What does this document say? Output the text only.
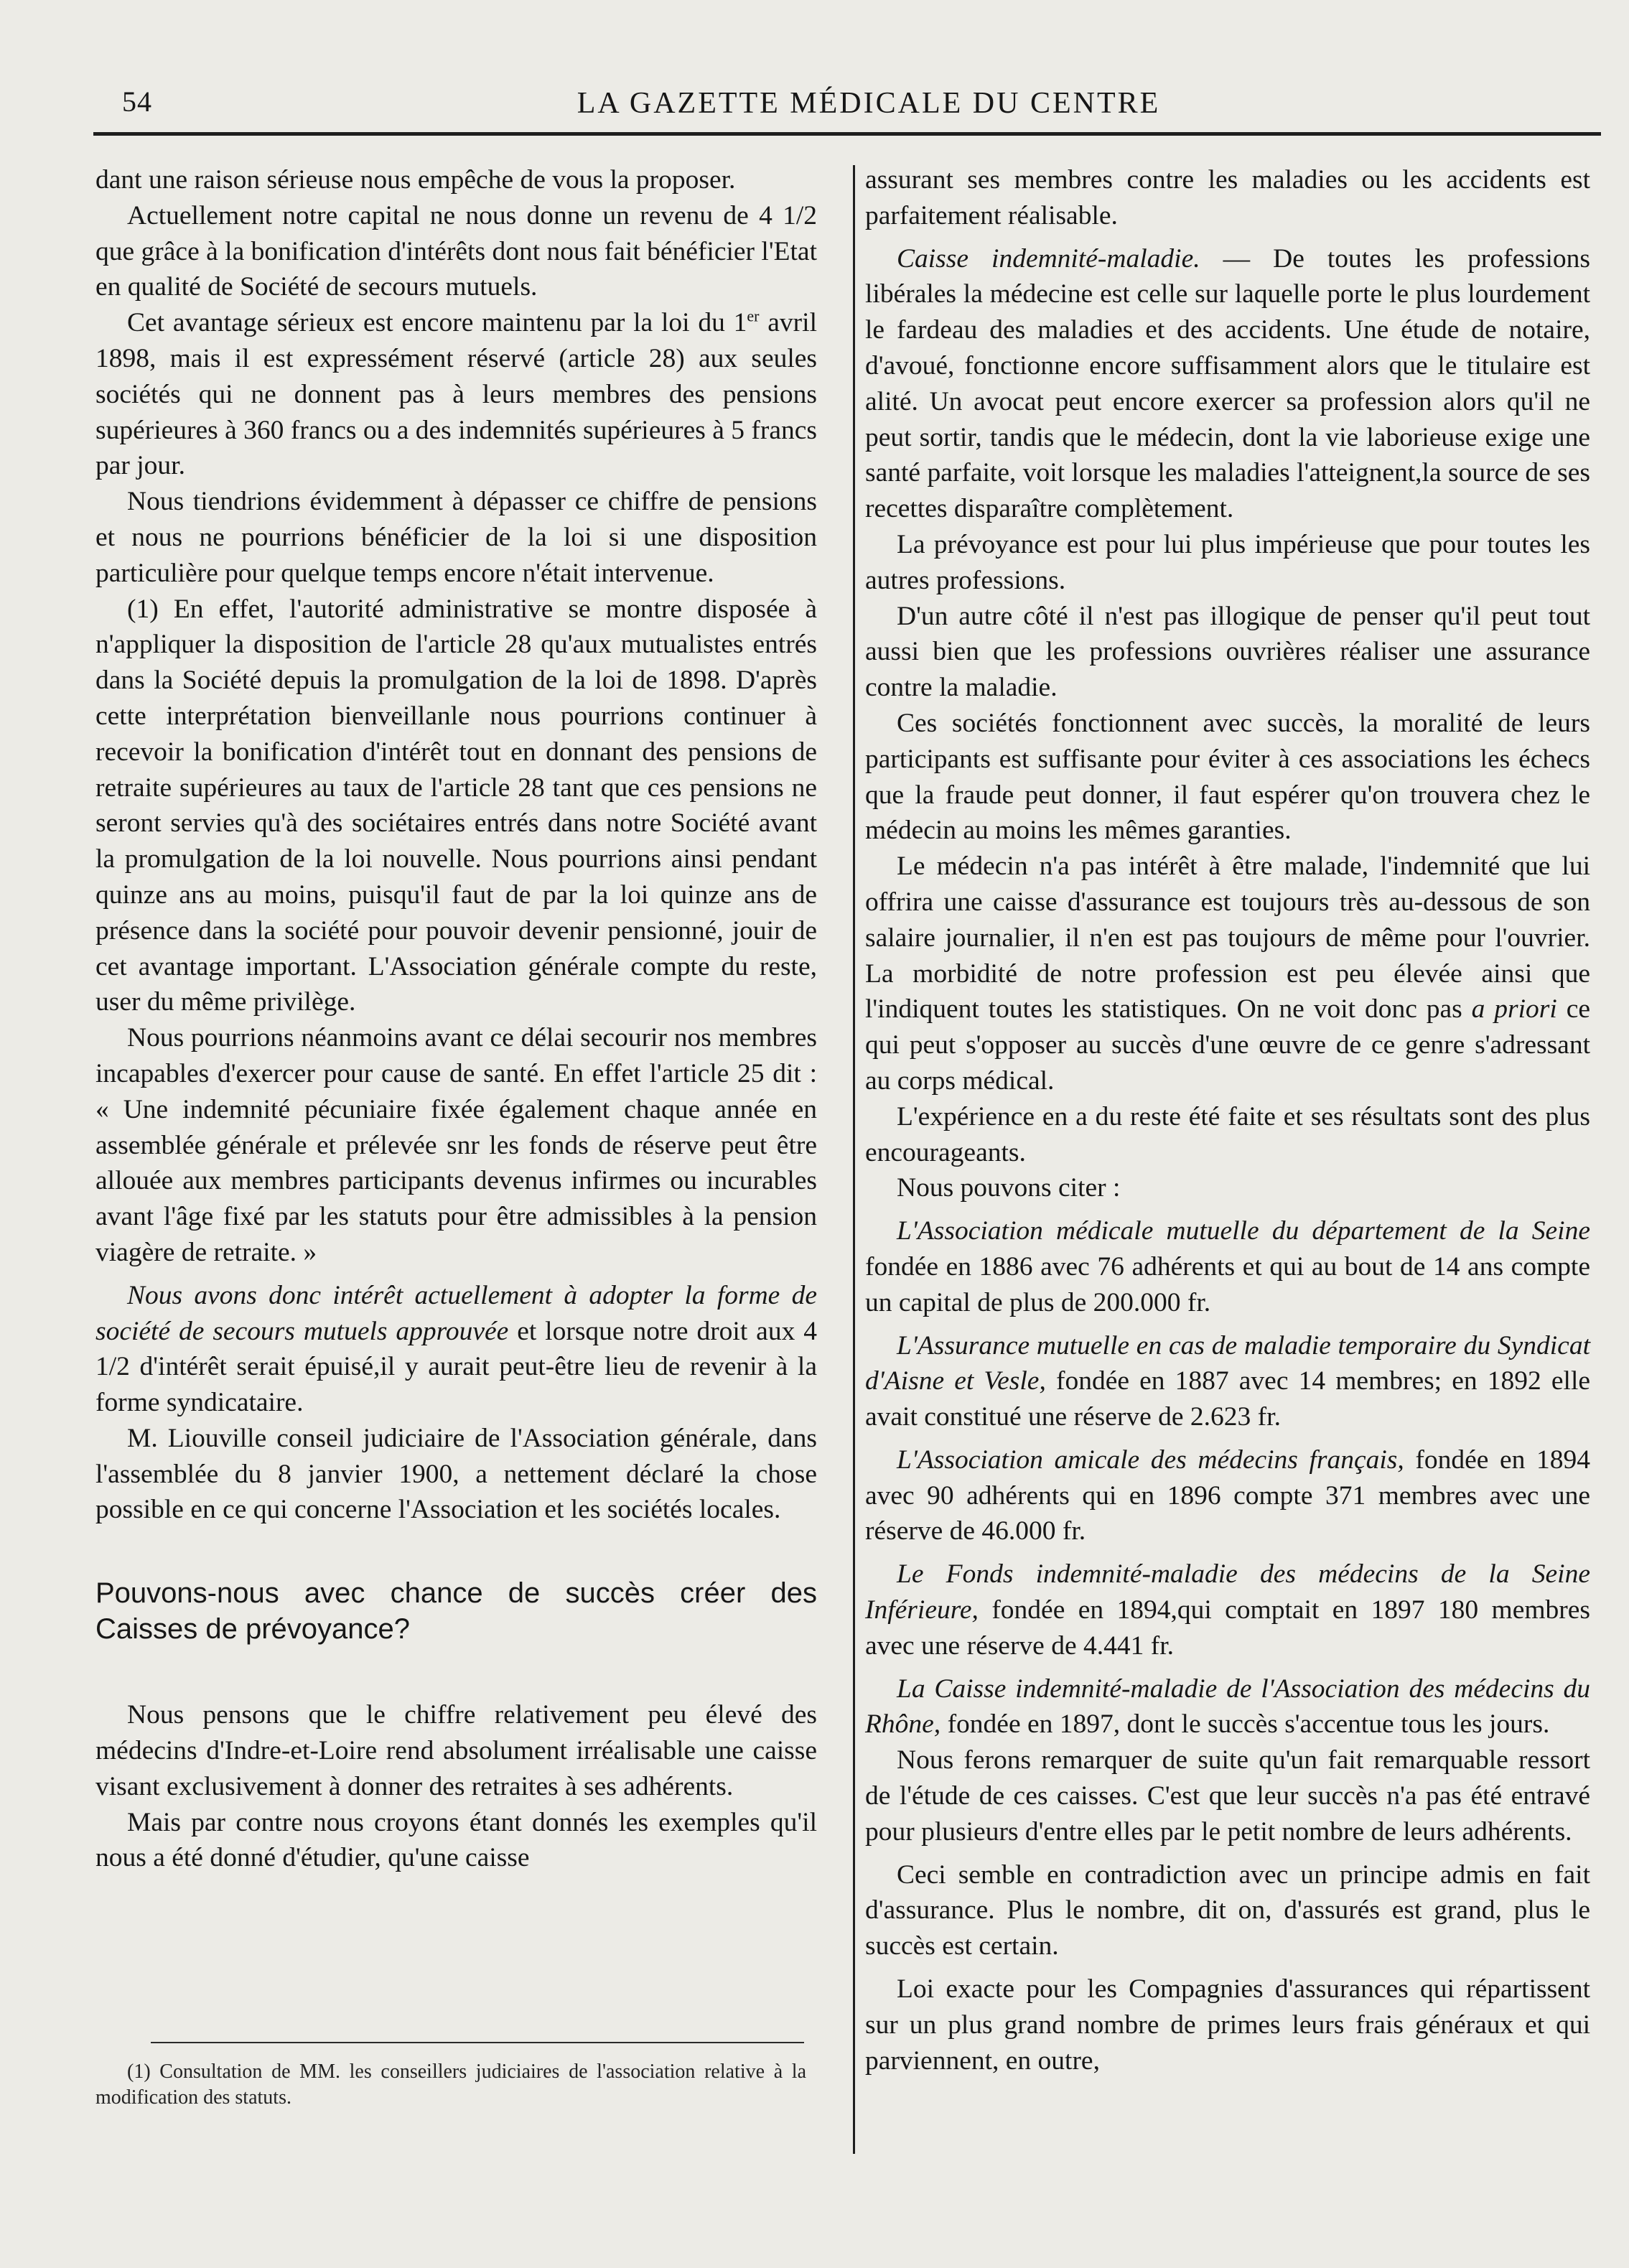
54	LA GAZETTE MÉDICALE DU CENTRE

dant une raison sérieuse nous empêche de vous la proposer.

Actuellement notre capital ne nous donne un revenu de 4 1/2 que grâce à la bonification d'intérêts dont nous fait bénéficier l'Etat en qualité de Société de secours mutuels.

Cet avantage sérieux est encore maintenu par la loi du 1er avril 1898, mais il est expressément réservé (article 28) aux seules sociétés qui ne donnent pas à leurs membres des pensions supérieures à 360 francs ou a des indemnités supérieures à 5 francs par jour.

Nous tiendrions évidemment à dépasser ce chiffre de pensions et nous ne pourrions bénéficier de la loi si une disposition particulière pour quelque temps encore n'était intervenue.

(1) En effet, l'autorité administrative se montre disposée à n'appliquer la disposition de l'article 28 qu'aux mutualistes entrés dans la Société depuis la promulgation de la loi de 1898. D'après cette interprétation bienveillanle nous pourrions continuer à recevoir la bonification d'intérêt tout en donnant des pensions de retraite supérieures au taux de l'article 28 tant que ces pensions ne seront servies qu'à des sociétaires entrés dans notre Société avant la promulgation de la loi nouvelle. Nous pourrions ainsi pendant quinze ans au moins, puisqu'il faut de par la loi quinze ans de présence dans la société pour pouvoir devenir pensionné, jouir de cet avantage important. L'Association générale compte du reste, user du même privilège.

Nous pourrions néanmoins avant ce délai secourir nos membres incapables d'exercer pour cause de santé. En effet l'article 25 dit : « Une indemnité pécuniaire fixée également chaque année en assemblée générale et prélevée snr les fonds de réserve peut être allouée aux membres participants devenus infirmes ou incurables avant l'âge fixé par les statuts pour être admissibles à la pension viagère de retraite. »

Nous avons donc intérêt actuellement à adopter la forme de société de secours mutuels approuvée et lorsque notre droit aux 4 1/2 d'intérêt serait épuisé,il y aurait peut-être lieu de revenir à la forme syndicataire.

M. Liouville conseil judiciaire de l'Association générale, dans l'assemblée du 8 janvier 1900, a nettement déclaré la chose possible en ce qui concerne l'Association et les sociétés locales.

Pouvons-nous avec chance de succès créer des Caisses de prévoyance?

Nous pensons que le chiffre relativement peu élevé des médecins d'Indre-et-Loire rend absolument irréalisable une caisse visant exclusivement à donner des retraites à ses adhérents.

Mais par contre nous croyons étant donnés les exemples qu'il nous a été donné d'étudier, qu'une caisse

(1) Consultation de MM. les conseillers judiciaires de l'association relative à la modification des statuts.

assurant ses membres contre les maladies ou les accidents est parfaitement réalisable.

Caisse indemnité-maladie. — De toutes les professions libérales la médecine est celle sur laquelle porte le plus lourdement le fardeau des maladies et des accidents. Une étude de notaire, d'avoué, fonctionne encore suffisamment alors que le titulaire est alité. Un avocat peut encore exercer sa profession alors qu'il ne peut sortir, tandis que le médecin, dont la vie laborieuse exige une santé parfaite, voit lorsque les maladies l'atteignent,la source de ses recettes disparaître complètement.

La prévoyance est pour lui plus impérieuse que pour toutes les autres professions.

D'un autre côté il n'est pas illogique de penser qu'il peut tout aussi bien que les professions ouvrières réaliser une assurance contre la maladie.

Ces sociétés fonctionnent avec succès, la moralité de leurs participants est suffisante pour éviter à ces associations les échecs que la fraude peut donner, il faut espérer qu'on trouvera chez le médecin au moins les mêmes garanties.

Le médecin n'a pas intérêt à être malade, l'indemnité que lui offrira une caisse d'assurance est toujours très au-dessous de son salaire journalier, il n'en est pas toujours de même pour l'ouvrier. La morbidité de notre profession est peu élevée ainsi que l'indiquent toutes les statistiques. On ne voit donc pas a priori ce qui peut s'opposer au succès d'une œuvre de ce genre s'adressant au corps médical.

L'expérience en a du reste été faite et ses résultats sont des plus encourageants.

Nous pouvons citer :

L'Association médicale mutuelle du département de la Seine fondée en 1886 avec 76 adhérents et qui au bout de 14 ans compte un capital de plus de 200.000 fr.

L'Assurance mutuelle en cas de maladie temporaire du Syndicat d'Aisne et Vesle, fondée en 1887 avec 14 membres; en 1892 elle avait constitué une réserve de 2.623 fr.

L'Association amicale des médecins français, fondée en 1894 avec 90 adhérents qui en 1896 compte 371 membres avec une réserve de 46.000 fr.

Le Fonds indemnité-maladie des médecins de la Seine Inférieure, fondée en 1894,qui comptait en 1897 180 membres avec une réserve de 4.441 fr.

La Caisse indemnité-maladie de l'Association des médecins du Rhône, fondée en 1897, dont le succès s'accentue tous les jours.

Nous ferons remarquer de suite qu'un fait remarquable ressort de l'étude de ces caisses. C'est que leur succès n'a pas été entravé pour plusieurs d'entre elles par le petit nombre de leurs adhérents.

Ceci semble en contradiction avec un principe admis en fait d'assurance. Plus le nombre, dit on, d'assurés est grand, plus le succès est certain.

Loi exacte pour les Compagnies d'assurances qui répartissent sur un plus grand nombre de primes leurs frais généraux et qui parviennent, en outre,
